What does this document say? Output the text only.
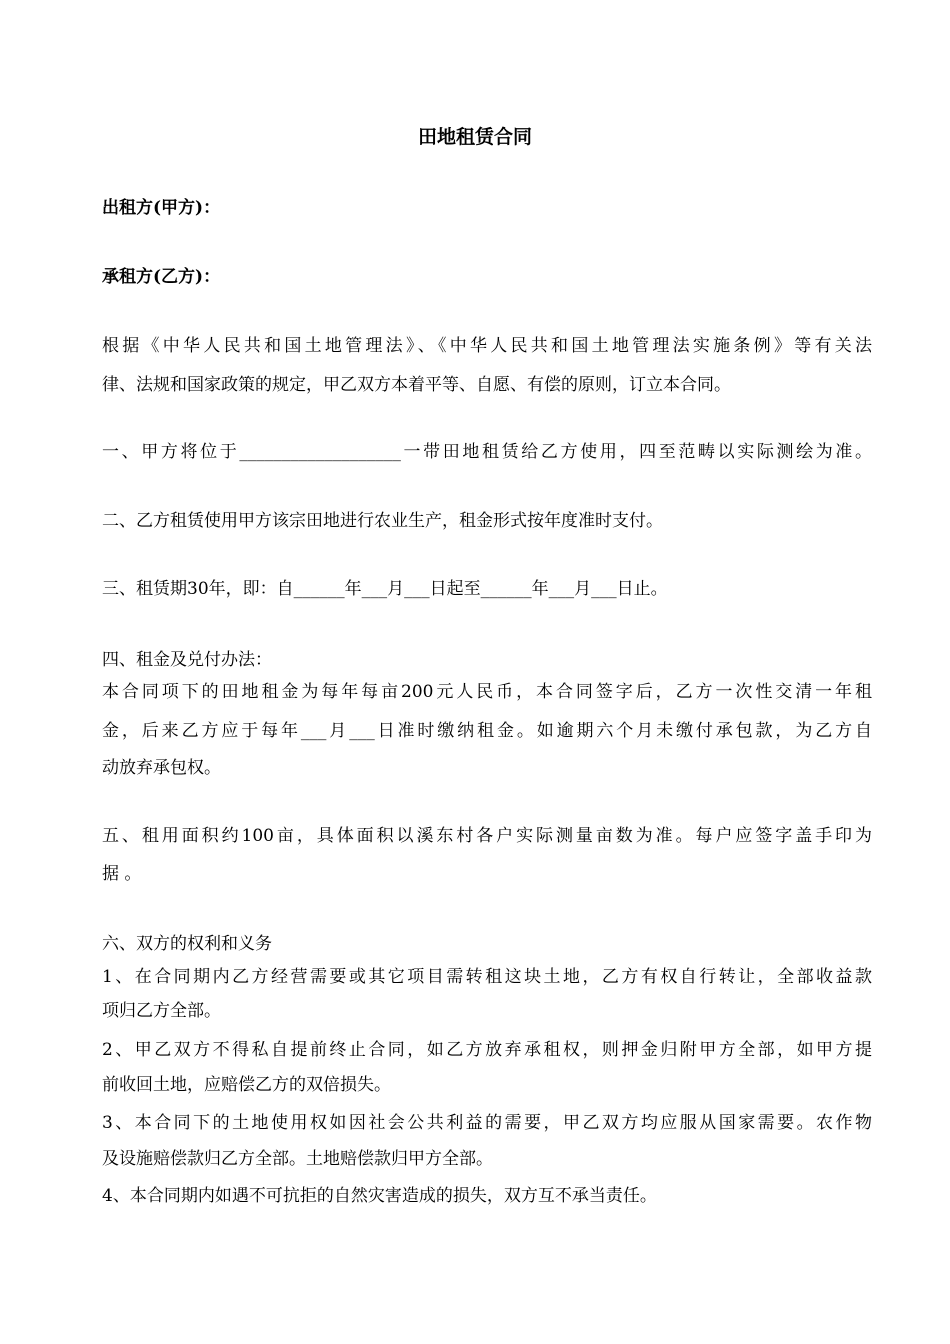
田地租赁合同
出租方(甲方)：
承租方(乙方)：
根据《中华人民共和国土地管理法》、《中华人民共和国土地管理法实施条例》等有关法
律、法规和国家政策的规定，甲乙双方本着平等、自愿、有偿的原则，订立本合同。
一、甲方将位于___________________一带田地租赁给乙方使用，四至范畴以实际测绘为准。
二、乙方租赁使用甲方该宗田地进行农业生产，租金形式按年度准时支付。
三、租赁期30年，即：自______年___月___日起至______年___月___日止。
四、租金及兑付办法：
本合同项下的田地租金为每年每亩200元人民币，本合同签字后，乙方一次性交清一年租
金，后来乙方应于每年___月___日准时缴纳租金。如逾期六个月未缴付承包款，为乙方自
动放弃承包权。
五、租用面积约100亩，具体面积以溪东村各户实际测量亩数为准。每户应签字盖手印为
据 。
六、双方的权利和义务
1、在合同期内乙方经营需要或其它项目需转租这块土地，乙方有权自行转让，全部收益款
项归乙方全部。
2、甲乙双方不得私自提前终止合同，如乙方放弃承租权，则押金归附甲方全部，如甲方提
前收回土地，应赔偿乙方的双倍损失。
3、本合同下的土地使用权如因社会公共利益的需要，甲乙双方均应服从国家需要。农作物
及设施赔偿款归乙方全部。土地赔偿款归甲方全部。
4、本合同期内如遇不可抗拒的自然灾害造成的损失，双方互不承当责任。
